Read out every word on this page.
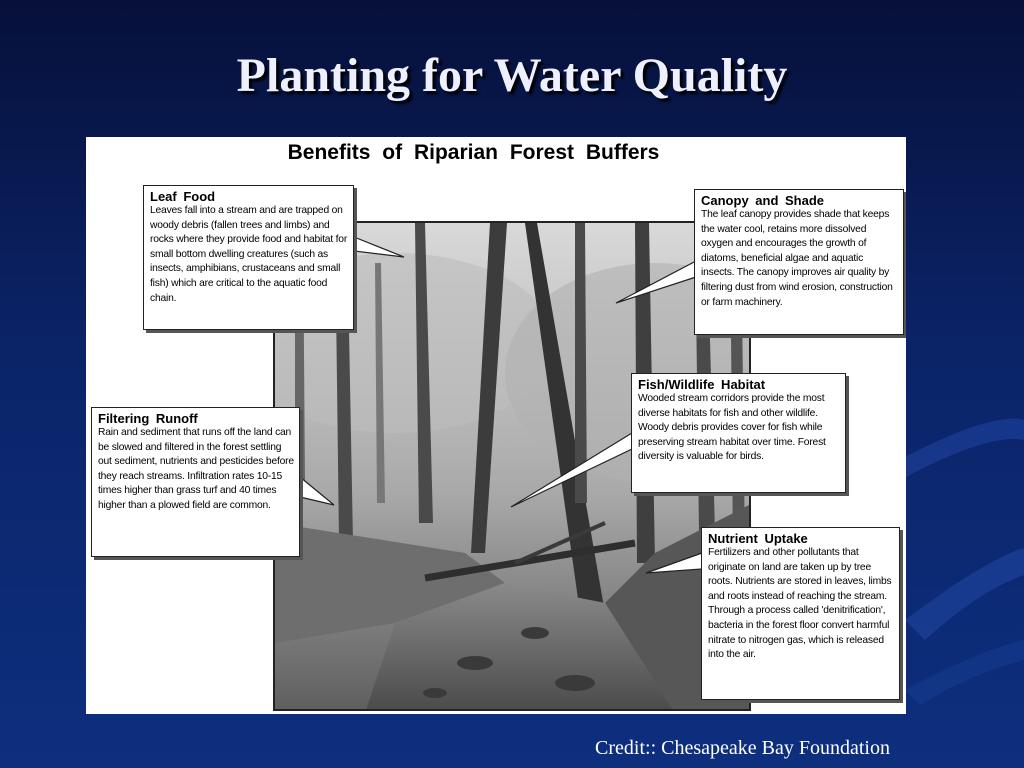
Planting for Water Quality
Benefits of Riparian Forest Buffers
Leaf Food

Leaves fall into a stream and are trapped on woody debris (fallen trees and limbs) and rocks where they provide food and habitat for small bottom dwelling creatures (such as insects, amphibians, crustaceans and small fish) which are critical to the aquatic food chain.

Canopy and Shade

The leaf canopy provides shade that keeps the water cool, retains more dissolved oxygen and encourages the growth of diatoms, beneficial algae and aquatic insects. The canopy improves air quality by filtering dust from wind erosion, construction or farm machinery.

Fish/Wildlife Habitat

Wooded stream corridors provide the most diverse habitats for fish and other wildlife. Woody debris provides cover for fish while preserving stream habitat over time. Forest diversity is valuable for birds.

Filtering Runoff

Rain and sediment that runs off the land can be slowed and filtered in the forest settling out sediment, nutrients and pesticides before they reach streams. Infiltration rates 10-15 times higher than grass turf and 40 times higher than a plowed field are common.

Nutrient Uptake

Fertilizers and other pollutants that originate on land are taken up by tree roots. Nutrients are stored in leaves, limbs and roots instead of reaching the stream. Through a process called 'denitrification', bacteria in the forest floor convert harmful nitrate to nitrogen gas, which is released into the air.

Credit:: Chesapeake Bay Foundation
